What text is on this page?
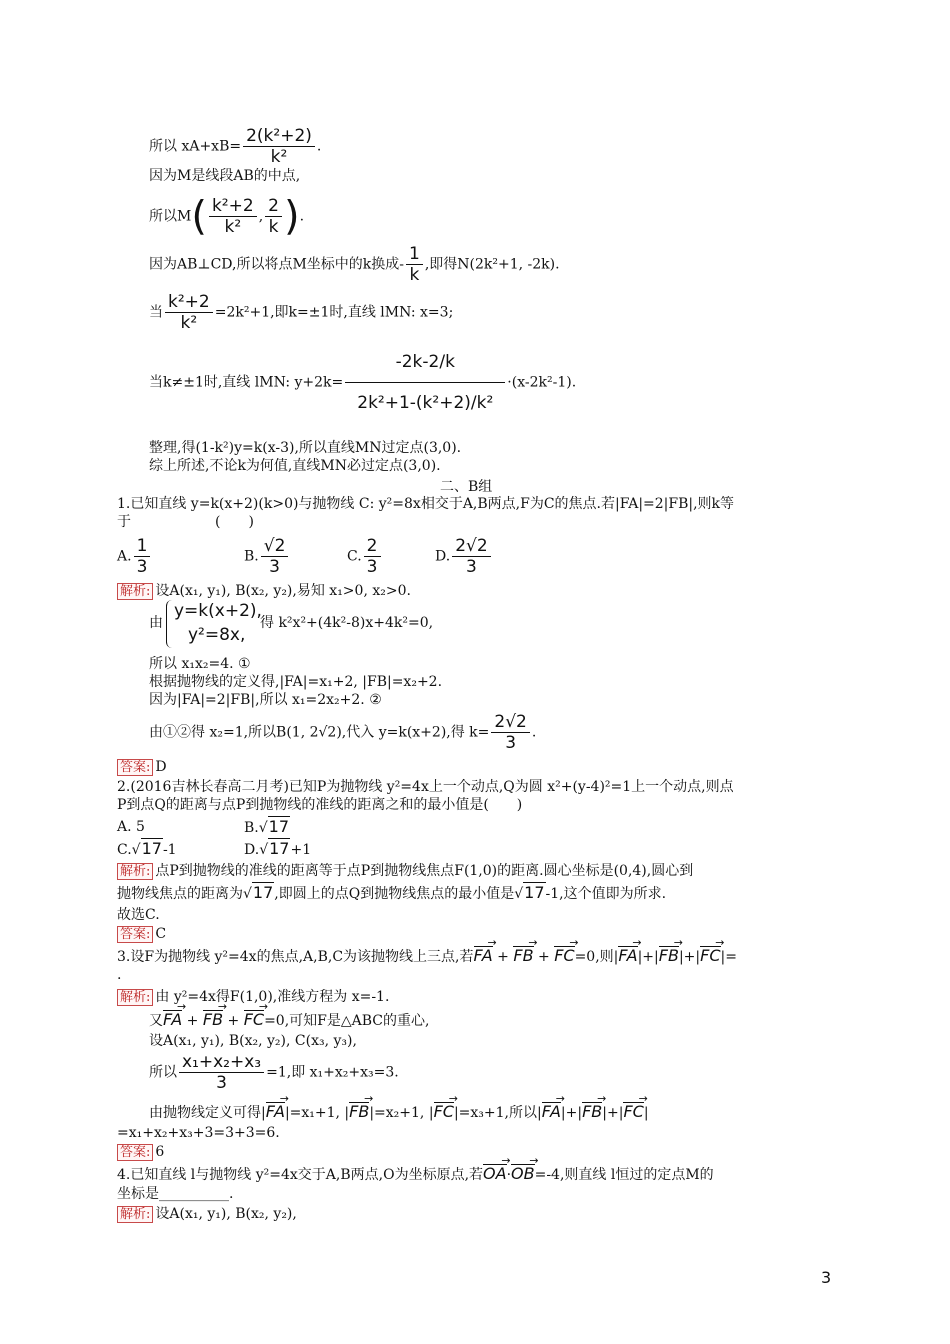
所以 $xA+xB= \frac{\text{2(k²+2)}}{\text{k²}}$ .
因为M是线段AB的中点,
所以$M( \frac{\text{k²+2}}{\text{k²}}$ , $\frac{2}{k}$ ).
因为AB⊥CD,所以将点M坐标中的k换成- $\frac{1}{k}$ ,即得N(2k²+1, -2k).
当 $\frac{\text{k²+2}}{\text{k²}} =2k^2+1$,即k=±1时,直线 lMN: x=3;
当k≠±1时,直线 lMN: $y+2k= \frac{-2k-2/k}{\text{2k²+1-(k²+2)/k²}} \cdot(x-2k^2-1)$.
整理,得(1-k²)y=k(x-3),所以直线MN过定点(3,0).
综上所述,不论k为何值,直线MN必过定点(3,0).
二、B组
1.已知直线 y=k(x+2)(k>0)与抛物线 C: y²=8x相交于A,B两点,F为C的焦点.若|FA|=2|FB|,则k等
于　　　　　　(　　)
A. $\frac{1}{3}$	B. $\frac{√2}{3}$	C. $\frac{2}{3}$	D. $\frac{2√2}{3}$
解析: 设A(x₁, y₁), B(x₂, y₂),易知 x₁>0, x₂>0.
由
y=k(x+2),
y²=8x,
得 k²x²+(4k²-8)x+4k²=0,
所以 x₁x₂=4. ①
根据抛物线的定义得,|FA|=x₁+2, |FB|=x₂+2.
因为|FA|=2|FB|,所以 x₁=2x₂+2. ②
由①②得 x₂=1,所以B(1, 2√2),代入 y=k(x+2),得 $k= \frac{2√2}{3}$ .
答案: D
2.(2016吉林长春高二月考)已知P为抛物线 y²=4x上一个动点,Q为圆 x²+(y-4)²=1上一个动点,则点
P到点Q的距离与点P到抛物线的准线的距离之和的最小值是(　　)
A. 5	B.√17
C.√17-1	D.√17+1
解析: 点P到抛物线的准线的距离等于点P到抛物线焦点F(1,0)的距离.圆心坐标是(0,4),圆心到
抛物线焦点的距离为√17,即圆上的点Q到抛物线焦点的最小值是√17-1,这个值即为所求.
故选C.
答案: C
3.设F为抛物线 y²=4x的焦点,A,B,C为该抛物线上三点,若FA → + FB → + FC →=0,则|FA →|+|FB →|+|FC →|=
.
解析: 由 y²=4x得F(1,0),准线方程为 x=-1.
又FA → + FB → + FC →=0,可知F是△ABC的重心,
设A(x₁, y₁), B(x₂, y₂), C(x₃, y₃),
所以 $\frac{\text{x₁+x₂+x₃}}{3} =1$,即 x₁+x₂+x₃=3.
由抛物线定义可得|FA →|=x₁+1, |FB →|=x₂+1, |FC →|=x₃+1,所以|FA →|+|FB →|+|FC →|
=x₁+x₂+x₃+3=3+3=6.
答案: 6
4.已知直线 l与抛物线 y²=4x交于A,B两点,O为坐标原点,若OA →·OB →=-4,则直线 l恒过的定点M的
坐标是__________.
解析: 设A(x₁, y₁), B(x₂, y₂),
3
